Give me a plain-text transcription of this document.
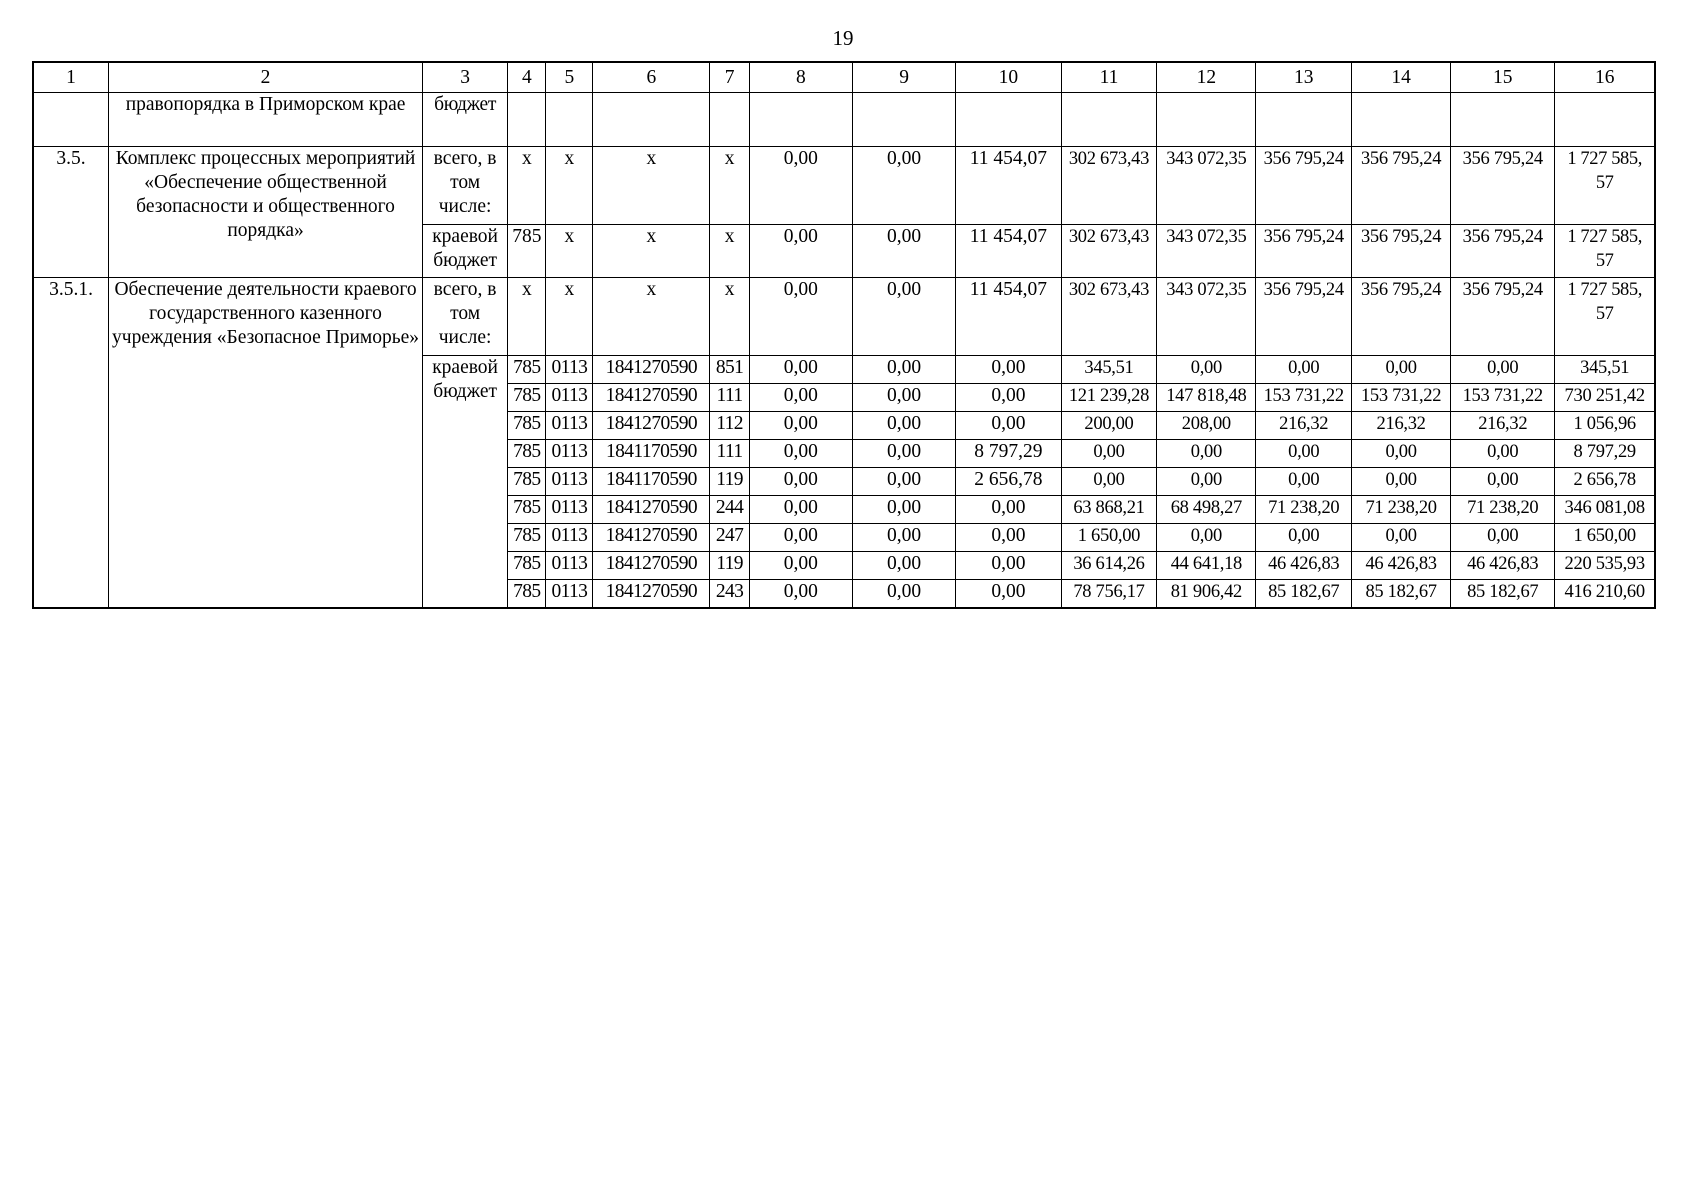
19
1	2	3	4	5	6	7	8	9	10	11	12	13	14	15	16
	правопорядка в Приморском крае	бюджет													
3.5.	Комплекс процессных мероприятий «Обеспечение общественной безопасности и общественного порядка»	всего, в том числе:	x	x	x	x	0,00	0,00	11 454,07	302 673,43	343 072,35	356 795,24	356 795,24	356 795,24	1 727 585, 57
		краевой бюджет	785	x	x	x	0,00	0,00	11 454,07	302 673,43	343 072,35	356 795,24	356 795,24	356 795,24	1 727 585, 57
3.5.1.	Обеспечение деятельности краевого государственного казенного учреждения «Безопасное Приморье»	всего, в том числе:	x	x	x	x	0,00	0,00	11 454,07	302 673,43	343 072,35	356 795,24	356 795,24	356 795,24	1 727 585, 57
		краевой бюджет	785	0113	1841270590	851	0,00	0,00	0,00	345,51	0,00	0,00	0,00	0,00	345,51
			785	0113	1841270590	111	0,00	0,00	0,00	121 239,28	147 818,48	153 731,22	153 731,22	153 731,22	730 251,42
			785	0113	1841270590	112	0,00	0,00	0,00	200,00	208,00	216,32	216,32	216,32	1 056,96
			785	0113	1841170590	111	0,00	0,00	8 797,29	0,00	0,00	0,00	0,00	0,00	8 797,29
			785	0113	1841170590	119	0,00	0,00	2 656,78	0,00	0,00	0,00	0,00	0,00	2 656,78
			785	0113	1841270590	244	0,00	0,00	0,00	63 868,21	68 498,27	71 238,20	71 238,20	71 238,20	346 081,08
			785	0113	1841270590	247	0,00	0,00	0,00	1 650,00	0,00	0,00	0,00	0,00	1 650,00
			785	0113	1841270590	119	0,00	0,00	0,00	36 614,26	44 641,18	46 426,83	46 426,83	46 426,83	220 535,93
			785	0113	1841270590	243	0,00	0,00	0,00	78 756,17	81 906,42	85 182,67	85 182,67	85 182,67	416 210,60
